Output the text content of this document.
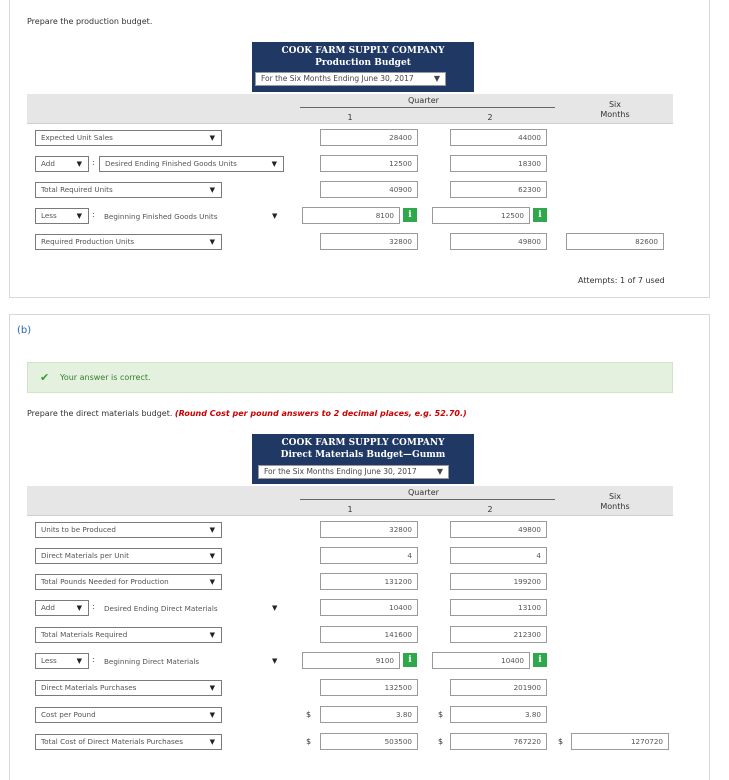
Prepare the production budget.
COOK FARM SUPPLY COMPANY
Production Budget
For the Six Months Ending June 30, 2017	▼
Quarter
1	2
Six
Months
Expected Unit Sales	▼	28400	44000
Add	▼ :	Desired Ending Finished Goods Units	▼	12500	18300
Total Required Units	▼	40900	62300
Less	▼ : Beginning Finished Goods Units	▼	8100	i	12500	i
Required Production Units	▼	32800	49800	82600
Attempts: 1 of 7 used
(b)
✔ Your answer is correct.
Prepare the direct materials budget. (Round Cost per pound answers to 2 decimal places, e.g. 52.70.)
COOK FARM SUPPLY COMPANY
Direct Materials Budget—Gumm
For the Six Months Ending June 30, 2017	▼
Quarter
1	2
Six
Months
Units to be Produced	▼	32800	49800
Direct Materials per Unit	▼	4	4
Total Pounds Needed for Production	▼	131200	199200
Add	▼ : Desired Ending Direct Materials	▼	10400	13100
Total Materials Required	▼	141600	212300
Less	▼ : Beginning Direct Materials	▼	9100	i	10400	i
Direct Materials Purchases	▼	132500	201900
Cost per Pound	▼	$	3.80	$	3.80
Total Cost of Direct Materials Purchases	▼	$	503500	$	767220	$	1270720
